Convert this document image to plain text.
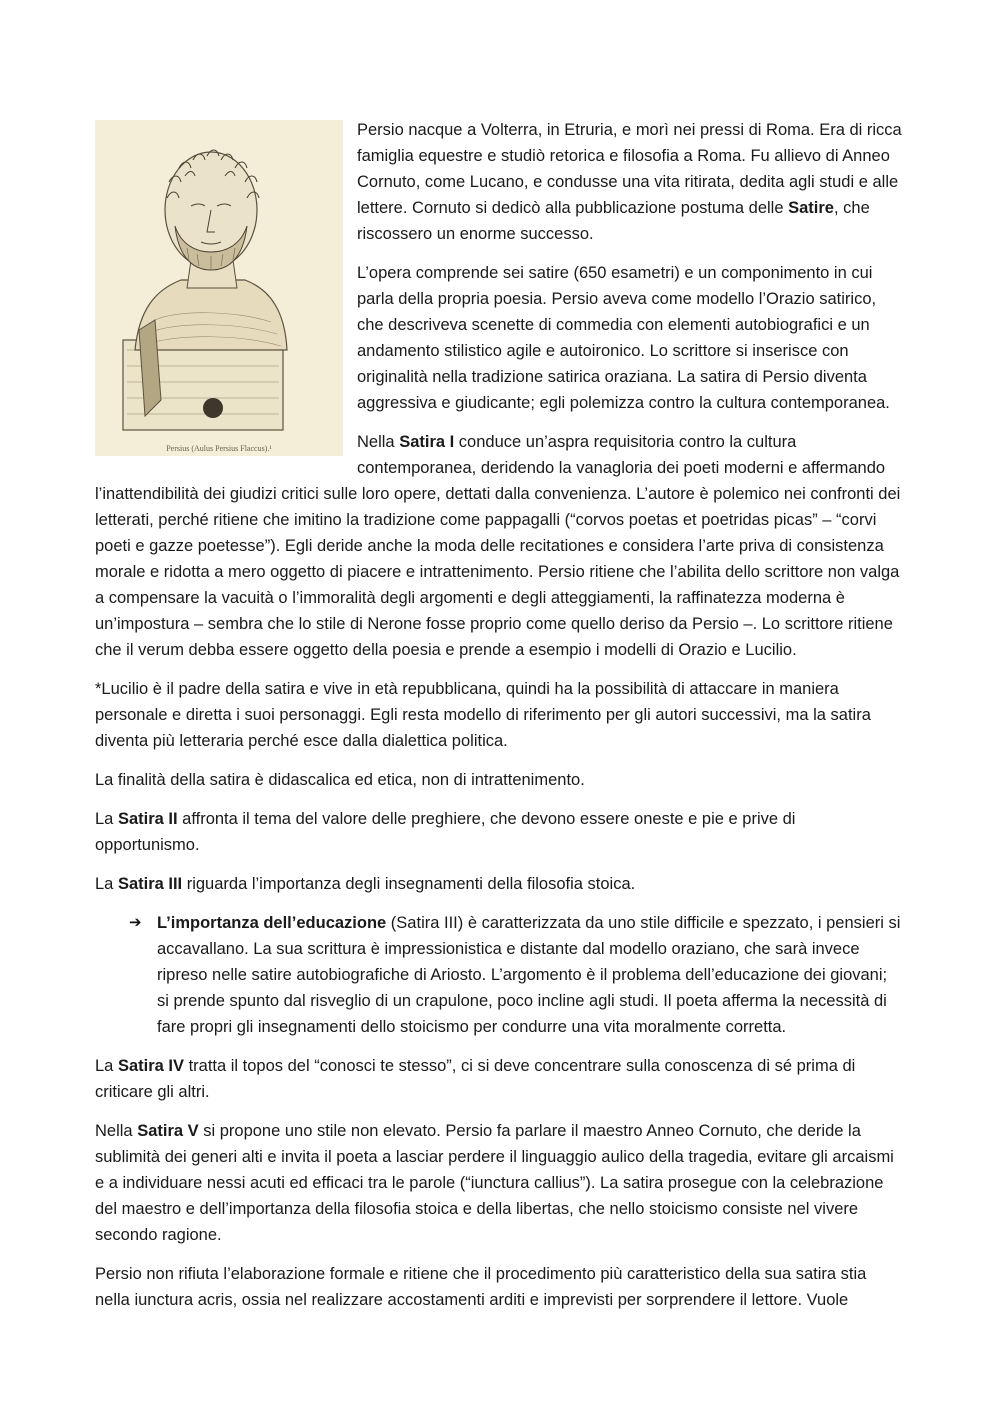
Persius (Aulus Persius Flaccus).¹

Persio nacque a Volterra, in Etruria, e morì nei pressi di Roma. Era di ricca famiglia equestre e studiò retorica e filosofia a Roma. Fu allievo di Anneo Cornuto, come Lucano, e condusse una vita ritirata, dedita agli studi e alle lettere. Cornuto si dedicò alla pubblicazione postuma delle Satire, che riscossero un enorme successo.

L’opera comprende sei satire (650 esametri) e un componimento in cui parla della propria poesia. Persio aveva come modello l’Orazio satirico, che descriveva scenette di commedia con elementi autobiografici e un andamento stilistico agile e autoironico. Lo scrittore si inserisce con originalità nella tradizione satirica oraziana. La satira di Persio diventa aggressiva e giudicante; egli polemizza contro la cultura contemporanea.

Nella Satira I conduce un’aspra requisitoria contro la cultura contemporanea, deridendo la vanagloria dei poeti moderni e affermando l’inattendibilità dei giudizi critici sulle loro opere, dettati dalla convenienza. L’autore è polemico nei confronti dei letterati, perché ritiene che imitino la tradizione come pappagalli (“corvos poetas et poetridas picas” – “corvi poeti e gazze poetesse”). Egli deride anche la moda delle recitationes e considera l’arte priva di consistenza morale e ridotta a mero oggetto di piacere e intrattenimento. Persio ritiene che l’abilita dello scrittore non valga a compensare la vacuità o l’immoralità degli argomenti e degli atteggiamenti, la raffinatezza moderna è un’impostura – sembra che lo stile di Nerone fosse proprio come quello deriso da Persio –. Lo scrittore ritiene che il verum debba essere oggetto della poesia e prende a esempio i modelli di Orazio e Lucilio.

*Lucilio è il padre della satira e vive in età repubblicana, quindi ha la possibilità di attaccare in maniera personale e diretta i suoi personaggi. Egli resta modello di riferimento per gli autori successivi, ma la satira diventa più letteraria perché esce dalla dialettica politica.

La finalità della satira è didascalica ed etica, non di intrattenimento.

La Satira II affronta il tema del valore delle preghiere, che devono essere oneste e pie e prive di opportunismo.

La Satira III riguarda l’importanza degli insegnamenti della filosofia stoica.

➔ L’importanza dell’educazione (Satira III) è caratterizzata da uno stile difficile e spezzato, i pensieri si accavallano. La sua scrittura è impressionistica e distante dal modello oraziano, che sarà invece ripreso nelle satire autobiografiche di Ariosto. L’argomento è il problema dell’educazione dei giovani; si prende spunto dal risveglio di un crapulone, poco incline agli studi. Il poeta afferma la necessità di fare propri gli insegnamenti dello stoicismo per condurre una vita moralmente corretta.

La Satira IV tratta il topos del “conosci te stesso”, ci si deve concentrare sulla conoscenza di sé prima di criticare gli altri.

Nella Satira V si propone uno stile non elevato. Persio fa parlare il maestro Anneo Cornuto, che deride la sublimità dei generi alti e invita il poeta a lasciar perdere il linguaggio aulico della tragedia, evitare gli arcaismi e a individuare nessi acuti ed efficaci tra le parole (“iunctura callius”). La satira prosegue con la celebrazione del maestro e dell’importanza della filosofia stoica e della libertas, che nello stoicismo consiste nel vivere secondo ragione.

Persio non rifiuta l’elaborazione formale e ritiene che il procedimento più caratteristico della sua satira stia nella iunctura acris, ossia nel realizzare accostamenti arditi e imprevisti per sorprendere il lettore. Vuole
